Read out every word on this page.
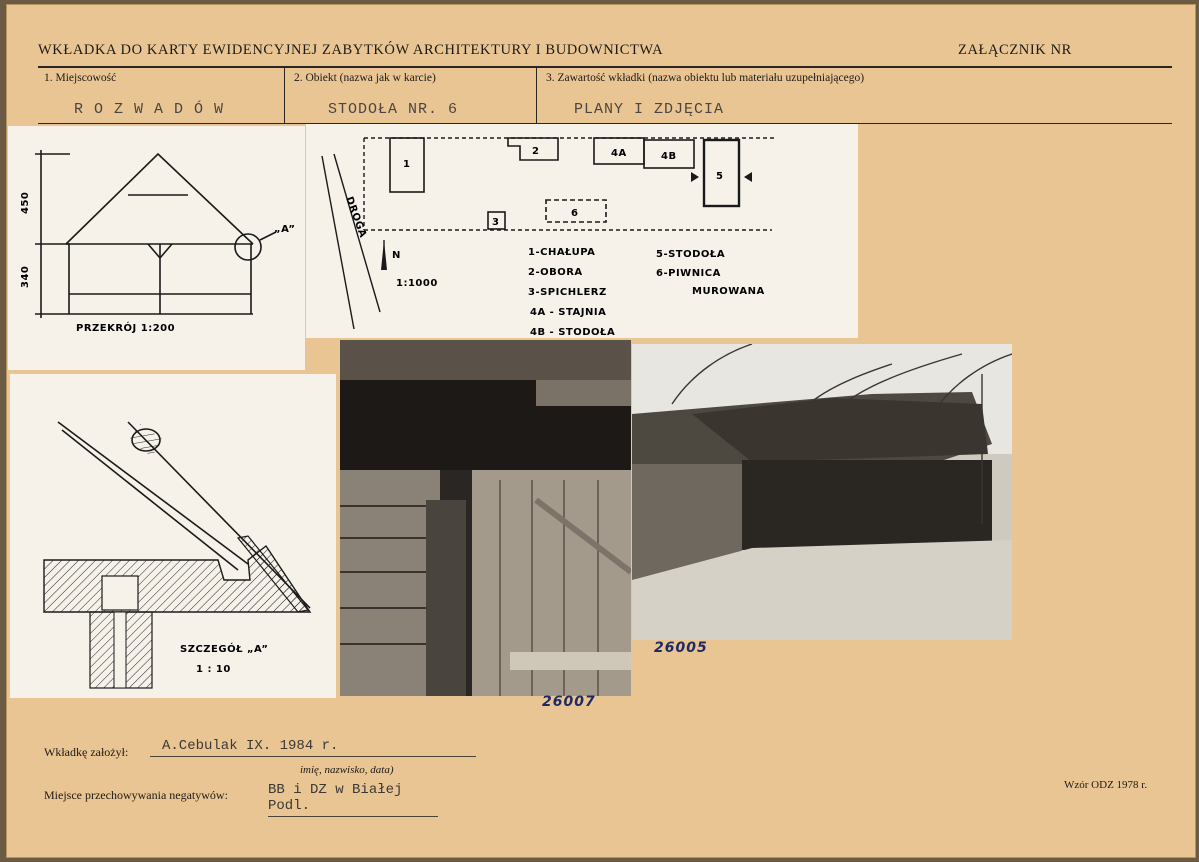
WKŁADKA DO KARTY EWIDENCYJNEJ ZABYTKÓW ARCHITEKTURY I BUDOWNICTWA	ZAŁĄCZNIK NR
1. Miejscowość
R O Z W A D Ó W
2. Obiekt (nazwa jak w karcie)
STODOŁA NR. 6
3. Zawartość wkładki (nazwa obiektu lub materiału uzupełniającego)
PLANY I ZDJĘCIA
450
340
„A”
PRZEKRÓJ 1:200
DROGA
1
2	4A	4B
5
3
6
N
1:1000
1-CHAŁUPA
2-OBORA
3-SPICHLERZ
4A - STAJNIA
4B - STODOŁA
5-STODOŁA
6-PIWNICA
MUROWANA
SZCZEGÓŁ „A”
1 : 10
26005
26007
Wkładkę założył:	A.Cebulak IX. 1984 r.
imię, nazwisko, data)
Miejsce przechowywania negatywów:	BB i DZ w Białej Podl.
Wzór ODZ 1978 r.
